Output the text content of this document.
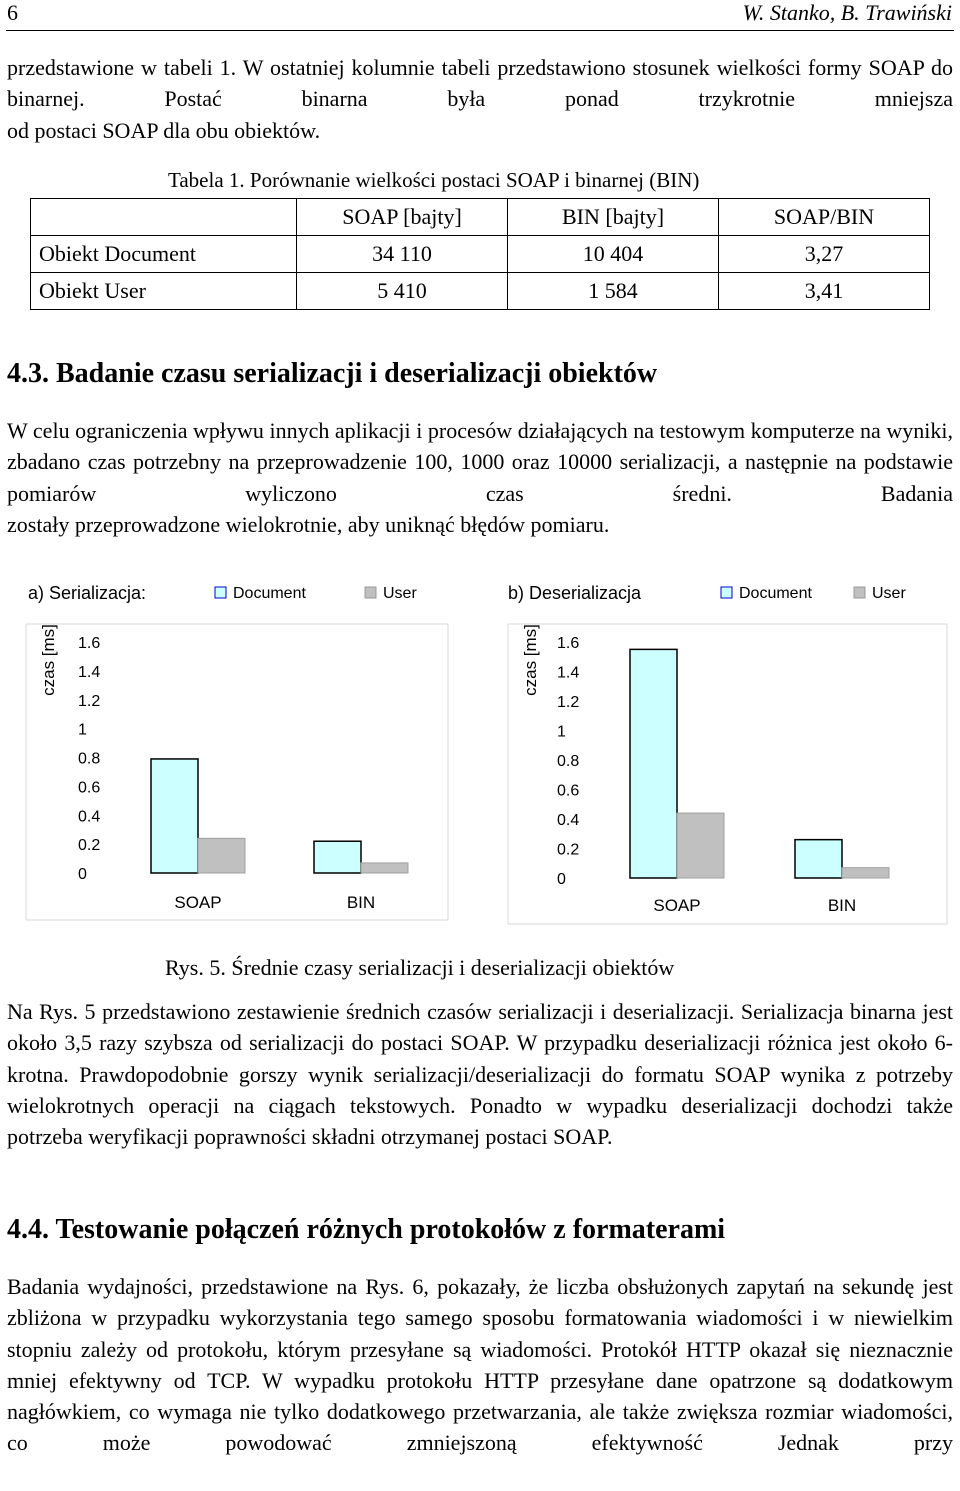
6	W. Stanko, B. Trawiński
przedstawione w tabeli 1. W ostatniej kolumnie tabeli przedstawiono stosunek wielkości formy SOAP do binarnej. Postać binarna była ponad trzykrotnie mniejsza
od postaci SOAP dla obu obiektów.
Tabela 1. Porównanie wielkości postaci SOAP i binarnej (BIN)
	SOAP [bajty]	BIN [bajty]	SOAP/BIN
Obiekt Document	34 110	10 404	3,27
Obiekt User	5 410	1 584	3,41
4.3. Badanie czasu serializacji i deserializacji obiektów
W celu ograniczenia wpływu innych aplikacji i procesów działających na testowym komputerze na wyniki, zbadano czas potrzebny na przeprowadzenie 100, 1000 oraz 10000 serializacji, a następnie na podstawie pomiarów wyliczono czas średni. Badania
zostały przeprowadzone wielokrotnie, aby uniknąć błędów pomiaru.
a) Serializacja:	Document	User
czas [ms] 1.6
1.4
1.2
1
0.8
0.6
0.4
0.2
0
SOAP	BIN
b) Deserializacja	Document	User
czas [ms] 1.6
1.4
1.2
1
0.8
0.6
0.4
0.2
0
SOAP	BIN
Rys. 5. Średnie czasy serializacji i deserializacji obiektów
Na Rys. 5 przedstawiono zestawienie średnich czasów serializacji i deserializacji. Serializacja binarna jest około 3,5 razy szybsza od serializacji do postaci SOAP. W przypadku deserializacji różnica jest około 6-krotna. Prawdopodobnie gorszy wynik serializacji/deserializacji do formatu SOAP wynika z potrzeby wielokrotnych operacji na ciągach tekstowych. Ponadto w wypadku deserializacji dochodzi także
potrzeba weryfikacji poprawności składni otrzymanej postaci SOAP.
4.4. Testowanie połączeń różnych protokołów z formaterami
Badania wydajności, przedstawione na Rys. 6, pokazały, że liczba obsłużonych zapytań na sekundę jest zbliżona w przypadku wykorzystania tego samego sposobu formatowania wiadomości i w niewielkim stopniu zależy od protokołu, którym przesyłane są wiadomości. Protokół HTTP okazał się nieznacznie mniej efektywny od TCP. W wypadku protokołu HTTP przesyłane dane opatrzone są dodatkowym nagłówkiem, co wymaga nie tylko dodatkowego przetwarzania, ale także zwiększa rozmiar wiadomości, co może powodować zmniejszoną efektywność Jednak przy
